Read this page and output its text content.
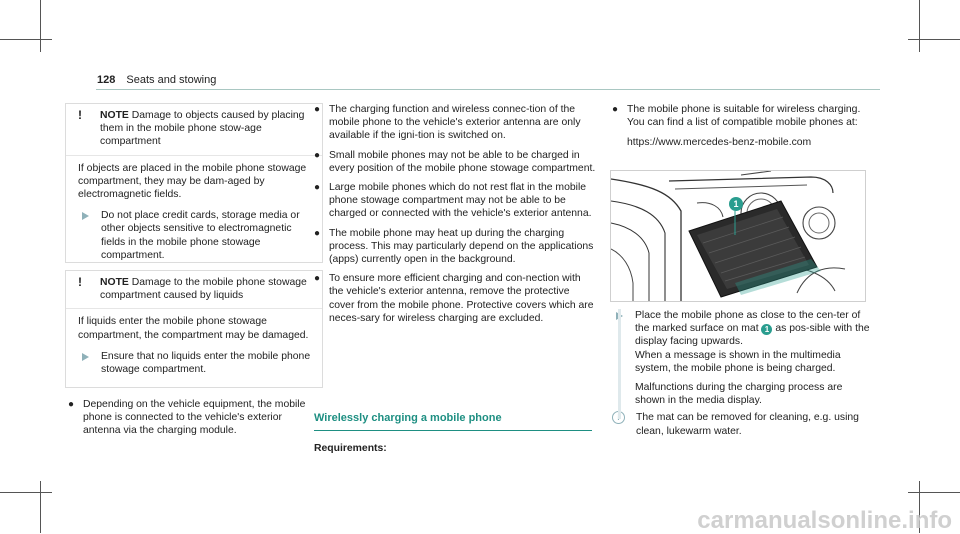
128 Seats and stowing
!	NOTE Damage to objects caused by placing them in the mobile phone stow-age compartment

If objects are placed in the mobile phone stowage compartment, they may be dam-aged by electromagnetic fields.

Do not place credit cards, storage media or other objects sensitive to electromagnetic fields in the mobile phone stowage compartment.
!	NOTE Damage to the mobile phone stowage compartment caused by liquids

If liquids enter the mobile phone stowage compartment, the compartment may be damaged.

Ensure that no liquids enter the mobile phone stowage compartment.
● Depending on the vehicle equipment, the mobile phone is connected to the vehicle's exterior antenna via the charging module.
● The charging function and wireless connec-tion of the mobile phone to the vehicle's exterior antenna are only available if the igni-tion is switched on.
● Small mobile phones may not be able to be charged in every position of the mobile phone stowage compartment.
● Large mobile phones which do not rest flat in the mobile phone stowage compartment may not be able to be charged or connected with the vehicle's exterior antenna.
● The mobile phone may heat up during the charging process. This may particularly depend on the applications (apps) currently open in the background.
● To ensure more efficient charging and con-nection with the vehicle's exterior antenna, remove the protective cover from the mobile phone. Protective covers which are neces-sary for wireless charging are excluded.
Wirelessly charging a mobile phone
Requirements:
● The mobile phone is suitable for wireless charging. You can find a list of compatible mobile phones at:
https://www.mercedes-benz-mobile.com
1
Place the mobile phone as close to the cen-ter of the marked surface on mat 1 as pos-sible with the display facing upwards.
When a message is shown in the multimedia system, the mobile phone is being charged.
Malfunctions during the charging process are shown in the media display.
The mat can be removed for cleaning, e.g. using clean, lukewarm water.
carmanualsonline.info
